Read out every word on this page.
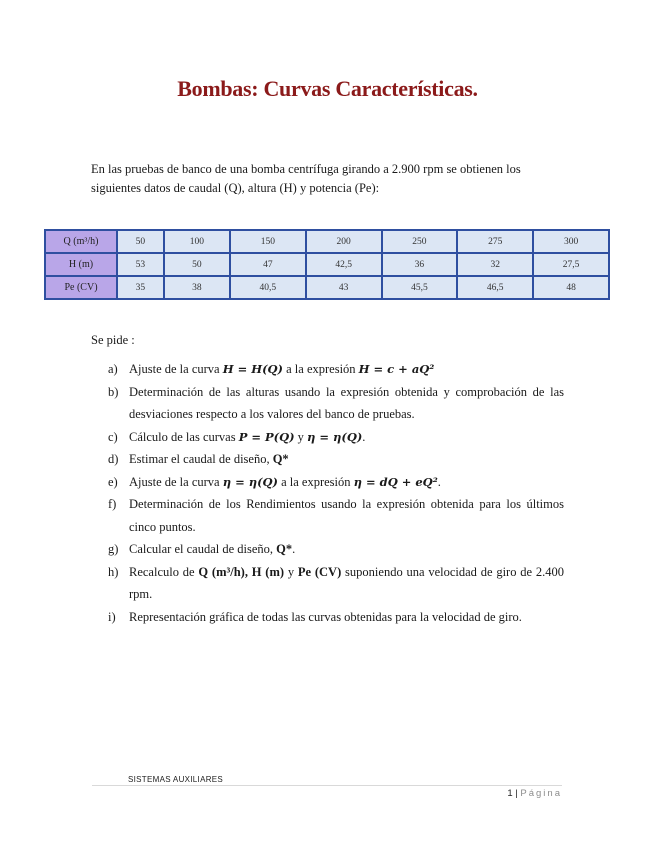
Bombas: Curvas Características.
En las pruebas de banco de una bomba centrífuga girando a 2.900 rpm se obtienen los siguientes datos de caudal (Q), altura (H) y potencia (Pe):
Q (m³/h)	50	100	150	200	250	275	300
H (m)	53	50	47	42,5	36	32	27,5
Pe (CV)	35	38	40,5	43	45,5	46,5	48
Se pide :
a) Ajuste de la curva H = H(Q) a la expresión H = c + aQ²
b) Determinación de las alturas usando la expresión obtenida y comprobación de las desviaciones respecto a los valores del banco de pruebas.
c) Cálculo de las curvas P = P(Q) y η = η(Q).
d) Estimar el caudal de diseño, Q*
e) Ajuste de la curva η = η(Q) a la expresión η = dQ + eQ².
f) Determinación de los Rendimientos usando la expresión obtenida para los últimos cinco puntos.
g) Calcular el caudal de diseño, Q*.
h) Recalculo de Q (m³/h), H (m) y Pe (CV) suponiendo una velocidad de giro de 2.400 rpm.
i) Representación gráfica de todas las curvas obtenidas para la velocidad de giro.
SISTEMAS AUXILIARES
1 | Página
